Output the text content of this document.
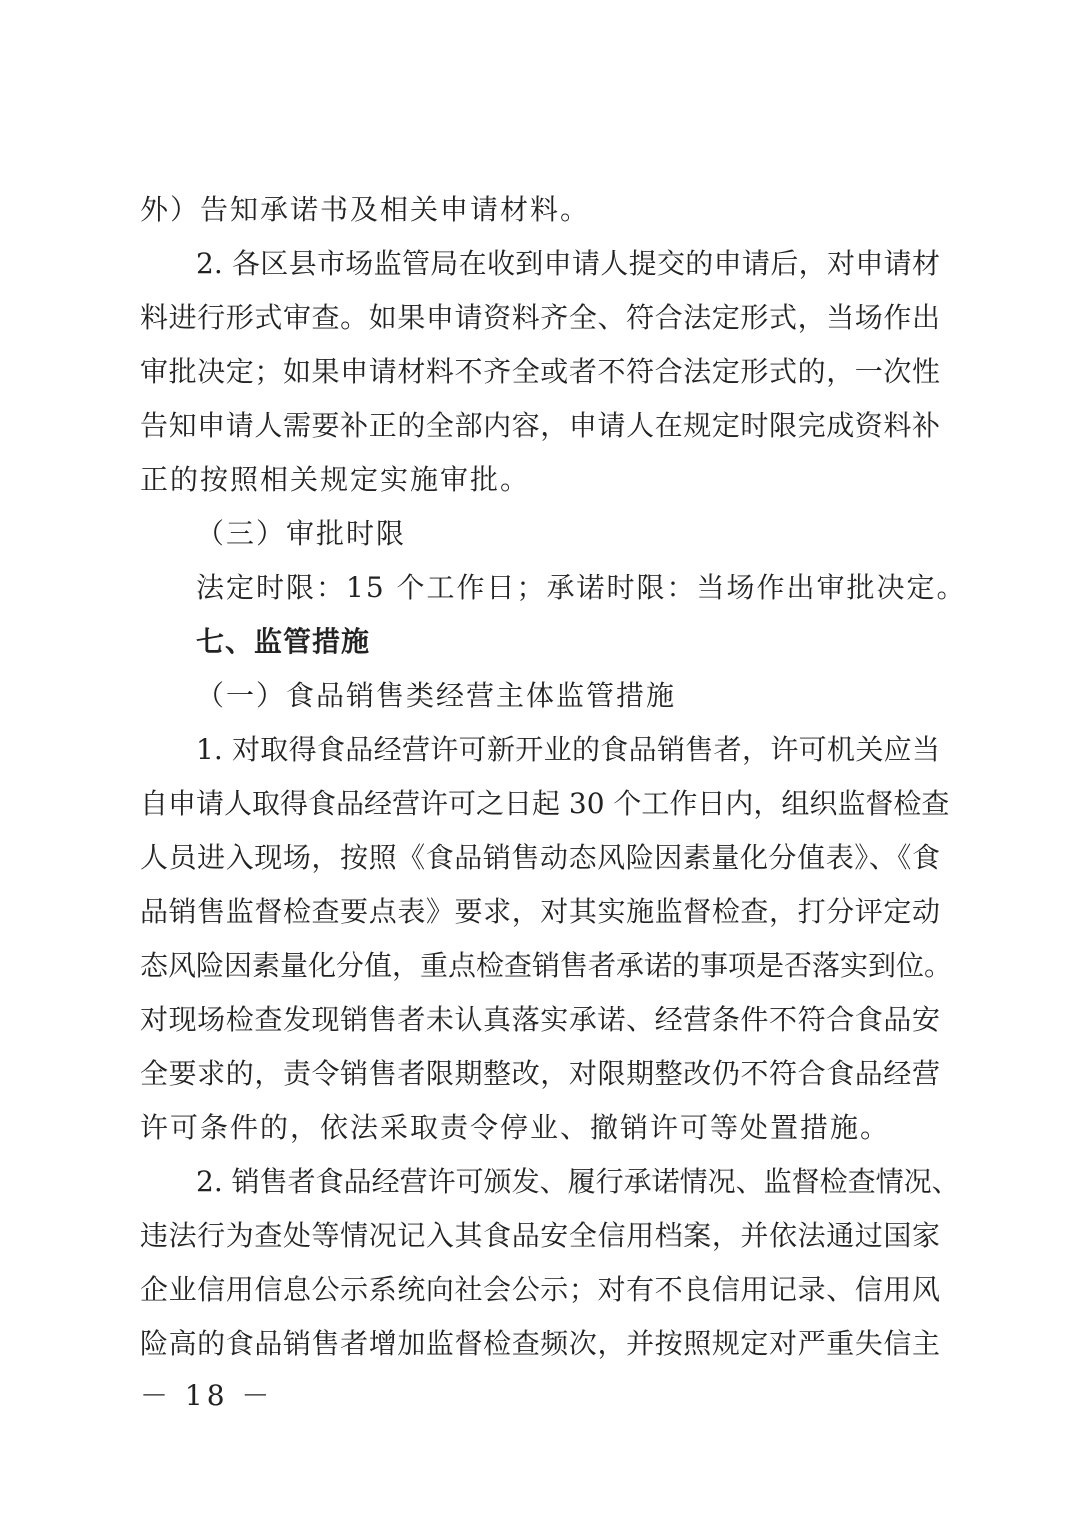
外）告知承诺书及相关申请材料。
2. 各区县市场监管局在收到申请人提交的申请后，对申请材
料进行形式审查。如果申请资料齐全、符合法定形式，当场作出
审批决定；如果申请材料不齐全或者不符合法定形式的，一次性
告知申请人需要补正的全部内容，申请人在规定时限完成资料补
正的按照相关规定实施审批。
（三）审批时限
法定时限：15 个工作日；承诺时限：当场作出审批决定。
七、监管措施
（一）食品销售类经营主体监管措施
1. 对取得食品经营许可新开业的食品销售者，许可机关应当
自申请人取得食品经营许可之日起 30 个工作日内，组织监督检查
人员进入现场，按照《食品销售动态风险因素量化分值表》、《食
品销售监督检查要点表》要求，对其实施监督检查，打分评定动
态风险因素量化分值，重点检查销售者承诺的事项是否落实到位。
对现场检查发现销售者未认真落实承诺、经营条件不符合食品安
全要求的，责令销售者限期整改，对限期整改仍不符合食品经营
许可条件的，依法采取责令停业、撤销许可等处置措施。
2. 销售者食品经营许可颁发、履行承诺情况、监督检查情况、
违法行为查处等情况记入其食品安全信用档案，并依法通过国家
企业信用信息公示系统向社会公示；对有不良信用记录、信用风
险高的食品销售者增加监督检查频次，并按照规定对严重失信主
－ 18 －
